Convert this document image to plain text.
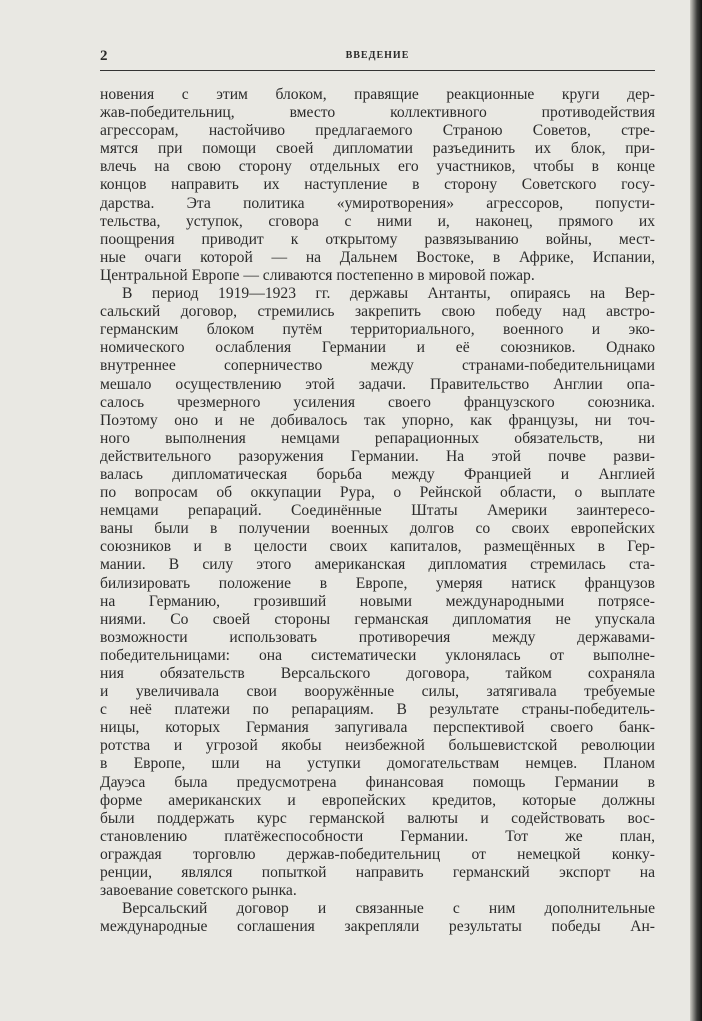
2	ВВЕДЕНИЕ
новения с этим блоком, правящие реакционные круги дер-
жав-победительниц, вместо коллективного противодействия
агрессорам, настойчиво предлагаемого Страною Советов, стре-
мятся при помощи своей дипломатии разъединить их блок, при-
влечь на свою сторону отдельных его участников, чтобы в конце
концов направить их наступление в сторону Советского госу-
дарства. Эта политика «умиротворения» агрессоров, попусти-
тельства, уступок, сговора с ними и, наконец, прямого их
поощрения приводит к открытому развязыванию войны, мест-
ные очаги которой — на Дальнем Востоке, в Африке, Испании,
Центральной Европе — сливаются постепенно в мировой пожар.
В период 1919—1923 гг. державы Антанты, опираясь на Вер-
сальский договор, стремились закрепить свою победу над австро-
германским блоком путём территориального, военного и эко-
номического ослабления Германии и её союзников. Однако
внутреннее соперничество между странами-победительницами
мешало осуществлению этой задачи. Правительство Англии опа-
салось чрезмерного усиления своего французского союзника.
Поэтому оно и не добивалось так упорно, как французы, ни точ-
ного выполнения немцами репарационных обязательств, ни
действительного разоружения Германии. На этой почве разви-
валась дипломатическая борьба между Францией и Англией
по вопросам об оккупации Рура, о Рейнской области, о выплате
немцами репараций. Соединённые Штаты Америки заинтересо-
ваны были в получении военных долгов со своих европейских
союзников и в целости своих капиталов, размещённых в Гер-
мании. В силу этого американская дипломатия стремилась ста-
билизировать положение в Европе, умеряя натиск французов
на Германию, грозивший новыми международными потрясе-
ниями. Со своей стороны германская дипломатия не упускала
возможности использовать противоречия между державами-
победительницами: она систематически уклонялась от выполне-
ния обязательств Версальского договора, тайком сохраняла
и увеличивала свои вооружённые силы, затягивала требуемые
с неё платежи по репарациям. В результате страны-победитель-
ницы, которых Германия запугивала перспективой своего банк-
ротства и угрозой якобы неизбежной большевистской революции
в Европе, шли на уступки домогательствам немцев. Планом
Дауэса была предусмотрена финансовая помощь Германии в
форме американских и европейских кредитов, которые должны
были поддержать курс германской валюты и содействовать вос-
становлению платёжеспособности Германии. Тот же план,
ограждая торговлю держав-победительниц от немецкой конку-
ренции, являлся попыткой направить германский экспорт на
завоевание советского рынка.
Версальский договор и связанные с ним дополнительные
международные соглашения закрепляли результаты победы Ан-
